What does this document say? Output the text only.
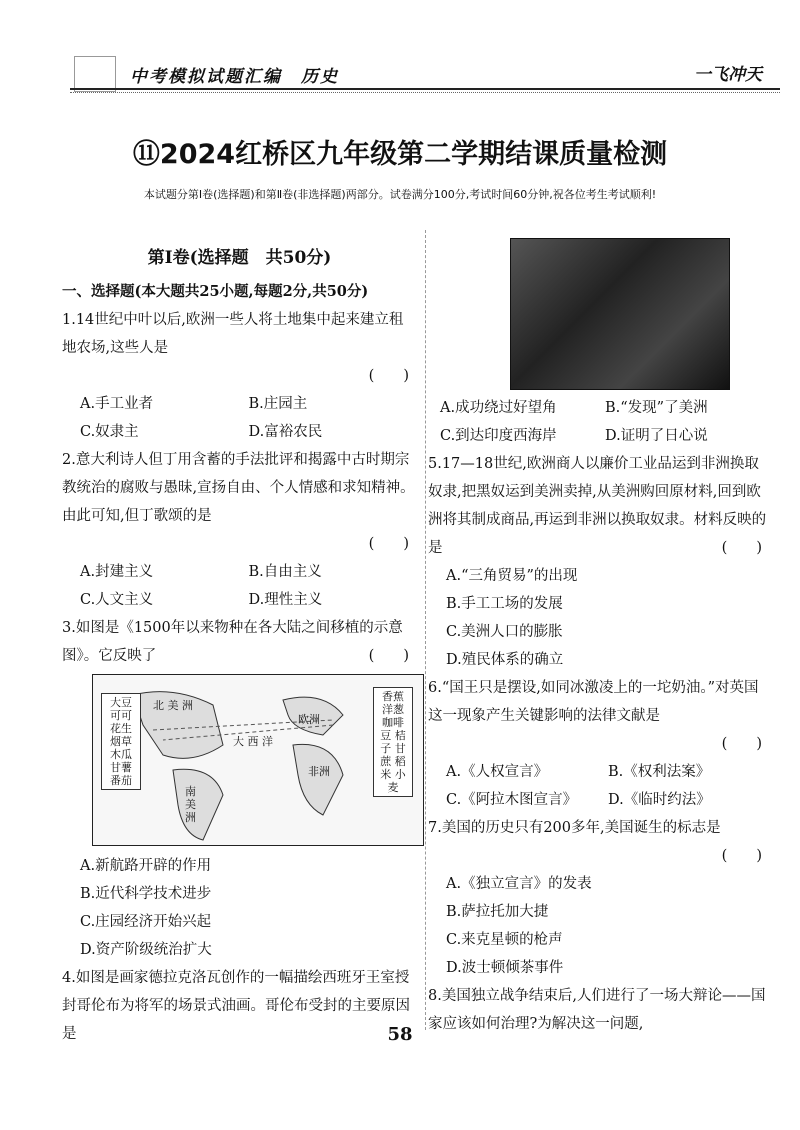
中考模拟试题汇编　历史	一飞冲天
⑪2024红桥区九年级第二学期结课质量检测
本试题分第Ⅰ卷(选择题)和第Ⅱ卷(非选择题)两部分。试卷满分100分,考试时间60分钟,祝各位考生考试顺利!
第Ⅰ卷(选择题　共50分)
一、选择题(本大题共25小题,每题2分,共50分)
1.14世纪中叶以后,欧洲一些人将土地集中起来建立租地农场,这些人是
(　　)
A.手工业者	B.庄园主
C.奴隶主	D.富裕农民
2.意大利诗人但丁用含蓄的手法批评和揭露中古时期宗教统治的腐败与愚昧,宣扬自由、个人情感和求知精神。由此可知,但丁歌颂的是
(　　)
A.封建主义	B.自由主义
C.人文主义	D.理性主义
3.如图是《1500年以来物种在各大陆之间移植的示意图》。它反映了	(　　)
大豆 可可 花生 烟草 木瓜 甘薯 番茄
香蕉 洋葱 咖啡 豆 桔子 甘蔗 稻米 小麦
北 美 洲
大 西 洋
欧洲
非洲
南 美 洲
A.新航路开辟的作用
B.近代科学技术进步
C.庄园经济开始兴起
D.资产阶级统治扩大
4.如图是画家德拉克洛瓦创作的一幅描绘西班牙王室授封哥伦布为将军的场景式油画。哥伦布受封的主要原因是
A.成功绕过好望角	B.“发现”了美洲
C.到达印度西海岸	D.证明了日心说
5.17—18世纪,欧洲商人以廉价工业品运到非洲换取奴隶,把黑奴运到美洲卖掉,从美洲购回原材料,回到欧洲将其制成商品,再运到非洲以换取奴隶。材料反映的是	(　　)
A.“三角贸易”的出现
B.手工工场的发展
C.美洲人口的膨胀
D.殖民体系的确立
6.“国王只是摆设,如同冰激凌上的一坨奶油。”对英国这一现象产生关键影响的法律文献是
(　　)
A.《人权宣言》	B.《权利法案》
C.《阿拉木图宣言》	D.《临时约法》
7.美国的历史只有200多年,美国诞生的标志是
(　　)
A.《独立宣言》的发表
B.萨拉托加大捷
C.来克星顿的枪声
D.波士顿倾茶事件
8.美国独立战争结束后,人们进行了一场大辩论——国家应该如何治理?为解决这一问题,
58
